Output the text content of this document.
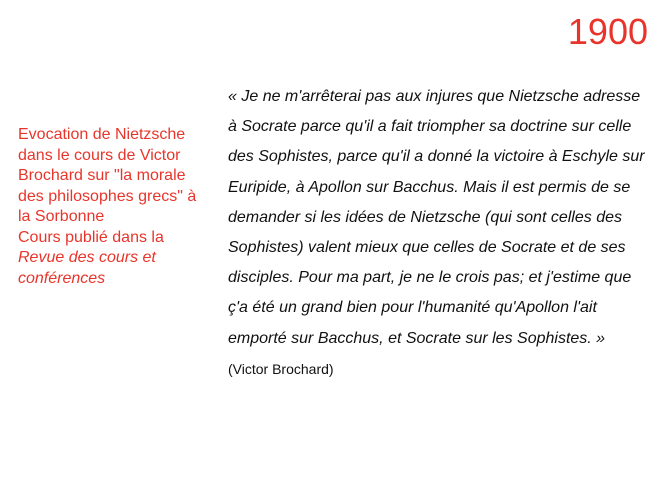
1900
Evocation de Nietzsche dans le cours de Victor Brochard sur "la morale des philosophes grecs" à la Sorbonne
Cours publié dans la
Revue des cours et conférences
« Je ne m'arrêterai pas aux injures que Nietzsche adresse à Socrate parce qu'il a fait triompher sa doctrine sur celle des Sophistes, parce qu'il a donné la victoire à Eschyle sur Euripide, à Apollon sur Bacchus. Mais il est permis de se demander si les idées de Nietzsche (qui sont celles des Sophistes) valent mieux que celles de Socrate et de ses disciples. Pour ma part, je ne le crois pas; et j'estime que ç'a été un grand bien pour l'humanité qu'Apollon l'ait emporté sur Bacchus, et Socrate sur les Sophistes. » (Victor Brochard)
